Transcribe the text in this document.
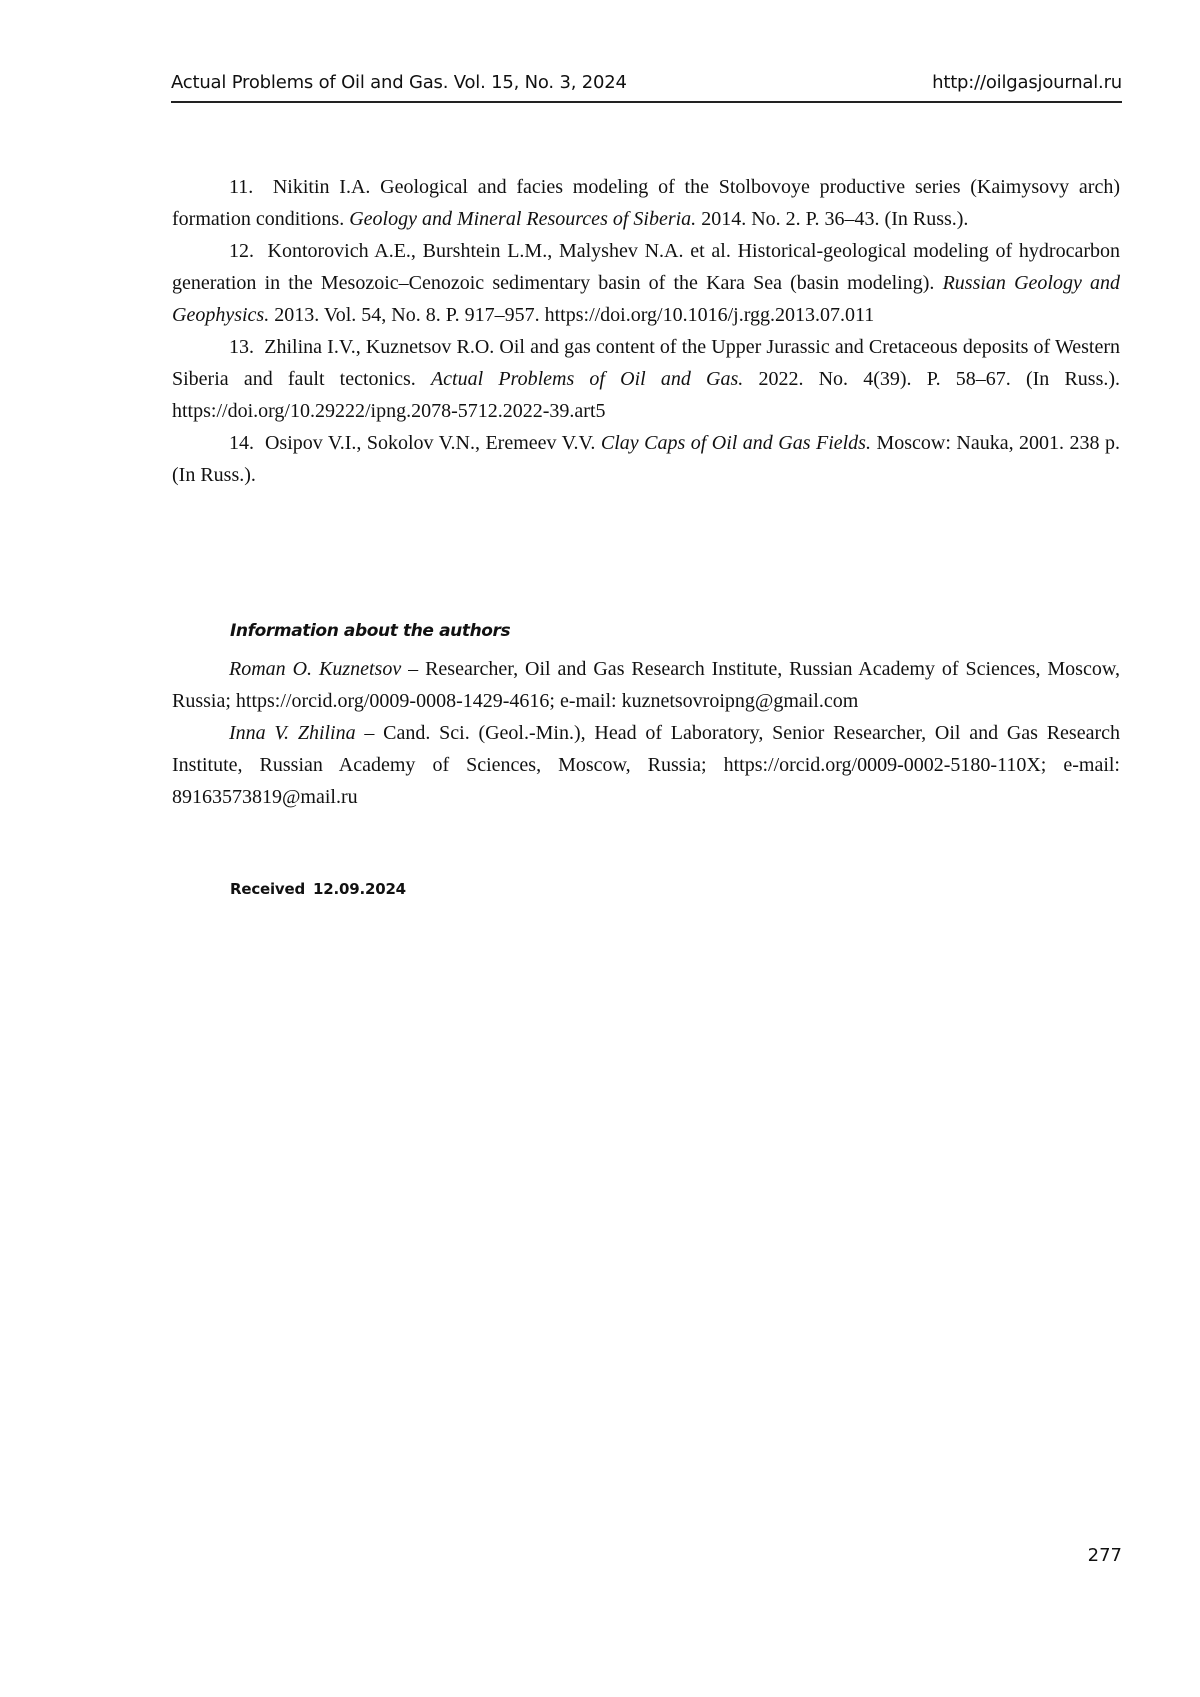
Actual Problems of Oil and Gas. Vol. 15, No. 3, 2024	http://oilgasjournal.ru

11. Nikitin I.A. Geological and facies modeling of the Stolbovoye productive series (Kaimysovy arch) formation conditions. Geology and Mineral Resources of Siberia. 2014. No. 2. P. 36–43. (In Russ.).

12. Kontorovich A.E., Burshtein L.M., Malyshev N.A. et al. Historical-geological modeling of hydrocarbon generation in the Mesozoic–Cenozoic sedimentary basin of the Kara Sea (basin modeling). Russian Geology and Geophysics. 2013. Vol. 54, No. 8. P. 917–957. https://doi.org/10.1016/j.rgg.2013.07.011

13. Zhilina I.V., Kuznetsov R.O. Oil and gas content of the Upper Jurassic and Cretaceous deposits of Western Siberia and fault tectonics. Actual Problems of Oil and Gas. 2022. No. 4(39). P. 58–67. (In Russ.). https://doi.org/10.29222/ipng.2078-5712.2022-39.art5

14. Osipov V.I., Sokolov V.N., Eremeev V.V. Clay Caps of Oil and Gas Fields. Moscow: Nauka, 2001. 238 p. (In Russ.).

Information about the authors

Roman O. Kuznetsov – Researcher, Oil and Gas Research Institute, Russian Academy of Sciences, Moscow, Russia; https://orcid.org/0009-0008-1429-4616; e-mail: kuznetsovroipng@gmail.com

Inna V. Zhilina – Cand. Sci. (Geol.-Min.), Head of Laboratory, Senior Researcher, Oil and Gas Research Institute, Russian Academy of Sciences, Moscow, Russia; https://orcid.org/0009-0002-5180-110X; e-mail: 89163573819@mail.ru

Received 12.09.2024
277
